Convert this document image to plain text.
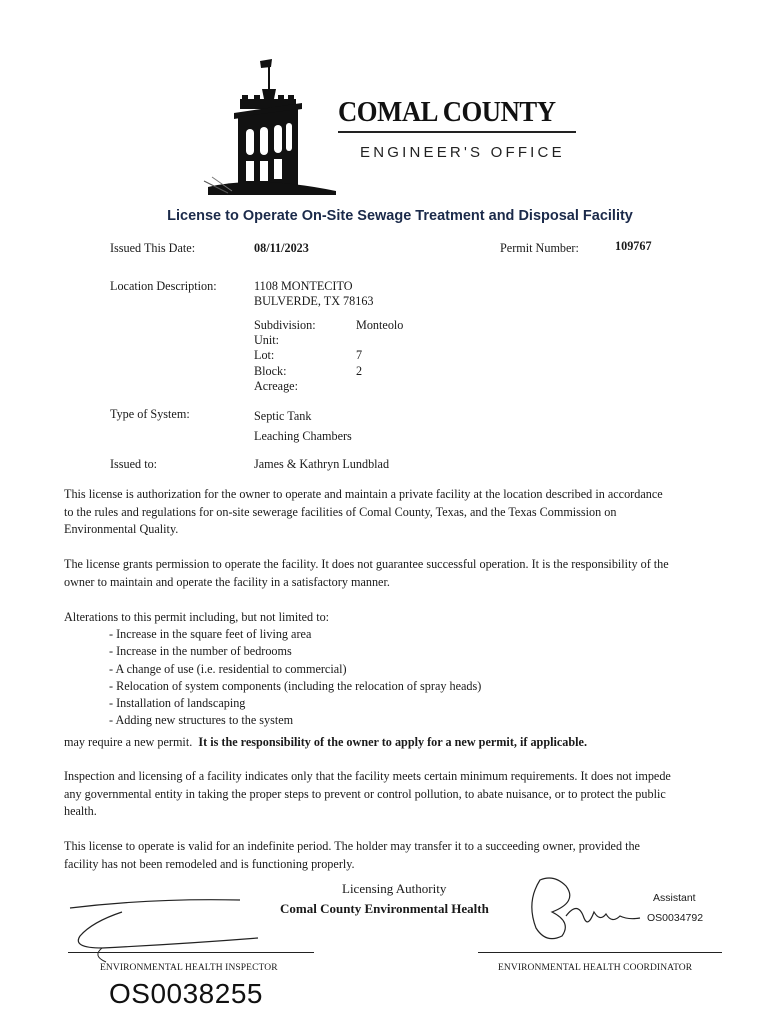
COMAL COUNTY
ENGINEER'S OFFICE
License to Operate On-Site Sewage Treatment and Disposal Facility
Issued This Date:	08/11/2023	Permit Number:	109767
Location Description:	1108 MONTECITO
BULVERDE, TX 78163
Subdivision:	Monteolo
Unit:
Lot:	7
Block:	2
Acreage:
Type of System:	Septic Tank
Leaching Chambers
Issued to:	James & Kathryn Lundblad
This license is authorization for the owner to operate and maintain a private facility at the location described in accordance to the rules and regulations for on-site sewerage facilities of Comal County, Texas, and the Texas Commission on Environmental Quality.
The license grants permission to operate the facility. It does not guarantee successful operation. It is the responsibility of the owner to maintain and operate the facility in a satisfactory manner.
Alterations to this permit including, but not limited to:
- Increase in the square feet of living area
- Increase in the number of bedrooms
- A change of use (i.e. residential to commercial)
- Relocation of system components (including the relocation of spray heads)
- Installation of landscaping
- Adding new structures to the system
may require a new permit. It is the responsibility of the owner to apply for a new permit, if applicable.
Inspection and licensing of a facility indicates only that the facility meets certain minimum requirements. It does not impede any governmental entity in taking the proper steps to prevent or control pollution, to abate nuisance, or to protect the public health.
This license to operate is valid for an indefinite period. The holder may transfer it to a succeeding owner, provided the facility has not been remodeled and is functioning properly.
Licensing Authority
Comal County Environmental Health
ENVIRONMENTAL HEALTH INSPECTOR
OS0038255
Assistant
OS0034792
ENVIRONMENTAL HEALTH COORDINATOR
